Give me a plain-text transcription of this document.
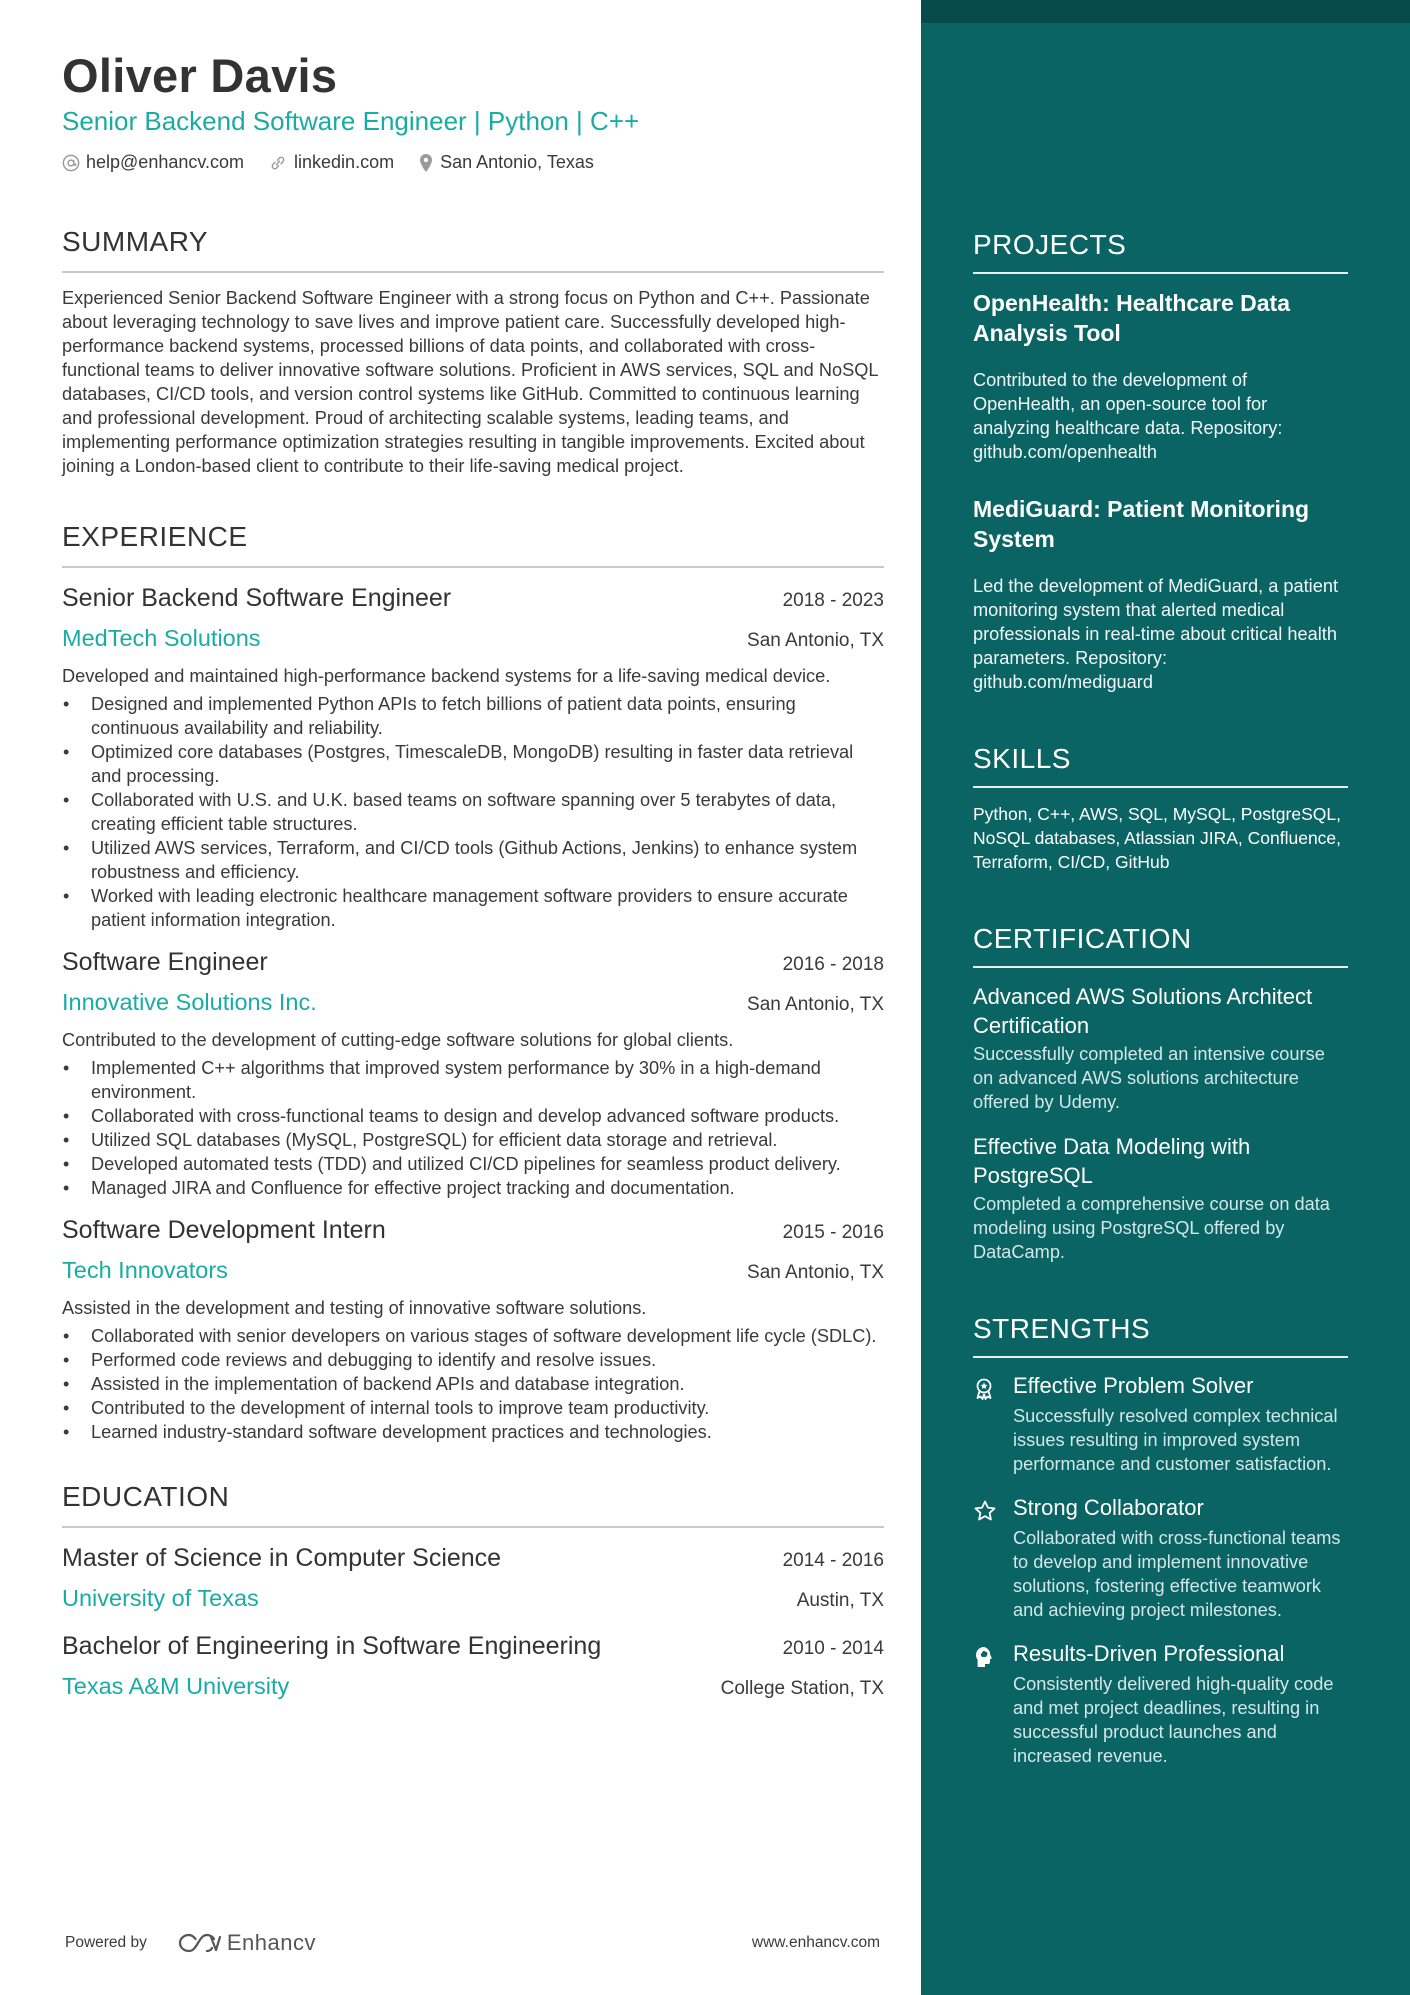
Oliver Davis
Senior Backend Software Engineer | Python | C++
help@enhancv.com	linkedin.com	San Antonio, Texas
SUMMARY
Experienced Senior Backend Software Engineer with a strong focus on Python and C++. Passionate about leveraging technology to save lives and improve patient care. Successfully developed high-performance backend systems, processed billions of data points, and collaborated with cross-functional teams to deliver innovative software solutions. Proficient in AWS services, SQL and NoSQL databases, CI/CD tools, and version control systems like GitHub. Committed to continuous learning and professional development. Proud of architecting scalable systems, leading teams, and implementing performance optimization strategies resulting in tangible improvements. Excited about joining a London-based client to contribute to their life-saving medical project.
EXPERIENCE
Senior Backend Software Engineer	2018 - 2023
MedTech Solutions	San Antonio, TX
Developed and maintained high-performance backend systems for a life-saving medical device.
• Designed and implemented Python APIs to fetch billions of patient data points, ensuring continuous availability and reliability.
• Optimized core databases (Postgres, TimescaleDB, MongoDB) resulting in faster data retrieval and processing.
• Collaborated with U.S. and U.K. based teams on software spanning over 5 terabytes of data, creating efficient table structures.
• Utilized AWS services, Terraform, and CI/CD tools (Github Actions, Jenkins) to enhance system robustness and efficiency.
• Worked with leading electronic healthcare management software providers to ensure accurate patient information integration.
Software Engineer	2016 - 2018
Innovative Solutions Inc.	San Antonio, TX
Contributed to the development of cutting-edge software solutions for global clients.
• Implemented C++ algorithms that improved system performance by 30% in a high-demand environment.
• Collaborated with cross-functional teams to design and develop advanced software products.
• Utilized SQL databases (MySQL, PostgreSQL) for efficient data storage and retrieval.
• Developed automated tests (TDD) and utilized CI/CD pipelines for seamless product delivery.
• Managed JIRA and Confluence for effective project tracking and documentation.
Software Development Intern	2015 - 2016
Tech Innovators	San Antonio, TX
Assisted in the development and testing of innovative software solutions.
• Collaborated with senior developers on various stages of software development life cycle (SDLC).
• Performed code reviews and debugging to identify and resolve issues.
• Assisted in the implementation of backend APIs and database integration.
• Contributed to the development of internal tools to improve team productivity.
• Learned industry-standard software development practices and technologies.
EDUCATION
Master of Science in Computer Science	2014 - 2016
University of Texas	Austin, TX
Bachelor of Engineering in Software Engineering	2010 - 2014
Texas A&M University	College Station, TX
Powered by	Enhancv	www.enhancv.com
PROJECTS
OpenHealth: Healthcare Data Analysis Tool
Contributed to the development of OpenHealth, an open-source tool for analyzing healthcare data. Repository: github.com/openhealth
MediGuard: Patient Monitoring System
Led the development of MediGuard, a patient monitoring system that alerted medical professionals in real-time about critical health parameters. Repository: github.com/mediguard
SKILLS
Python, C++, AWS, SQL, MySQL, PostgreSQL, NoSQL databases, Atlassian JIRA, Confluence, Terraform, CI/CD, GitHub
CERTIFICATION
Advanced AWS Solutions Architect Certification
Successfully completed an intensive course on advanced AWS solutions architecture offered by Udemy.
Effective Data Modeling with PostgreSQL
Completed a comprehensive course on data modeling using PostgreSQL offered by DataCamp.
STRENGTHS
Effective Problem Solver
Successfully resolved complex technical issues resulting in improved system performance and customer satisfaction.
Strong Collaborator
Collaborated with cross-functional teams to develop and implement innovative solutions, fostering effective teamwork and achieving project milestones.
Results-Driven Professional
Consistently delivered high-quality code and met project deadlines, resulting in successful product launches and increased revenue.
